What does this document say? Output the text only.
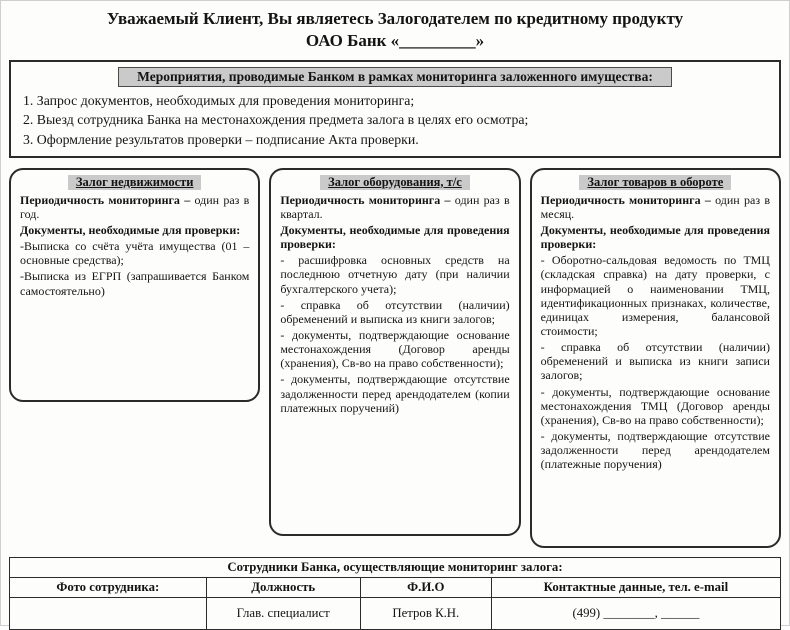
Уважаемый Клиент, Вы являетесь Залогодателем по кредитному продукту
ОАО Банк «_________»
Мероприятия, проводимые Банком в рамках мониторинга заложенного имущества:
1. Запрос документов, необходимых для проведения мониторинга;
2. Выезд сотрудника Банка на местонахождения предмета залога в целях его осмотра;
3. Оформление результатов проверки – подписание Акта проверки.
Залог недвижимости

Периодичность мониторинга – один раз в год.

Документы, необходимые для проверки:

-Выписка со счёта учёта имущества (01 – основные средства);

-Выписка из ЕГРП (запрашивается Банком самостоятельно)

Залог оборудования, т/с

Периодичность мониторинга – один раз в квартал.

Документы, необходимые для проведения проверки:

- расшифровка основных средств на последнюю отчетную дату (при наличии бухгалтерского учета);

- справка об отсутствии (наличии) обременений и выписка из книги залогов;

- документы, подтверждающие основание местонахождения (Договор аренды (хранения), Св-во на право собственности);

- документы, подтверждающие отсутствие задолженности перед арендодателем (копии платежных поручений)

Залог товаров в обороте

Периодичность мониторинга – один раз в месяц.

Документы, необходимые для проведения проверки:

- Оборотно-сальдовая ведомость по ТМЦ (складская справка) на дату проверки, с информацией о наименовании ТМЦ, идентификационных признаках, количестве, единицах измерения, балансовой стоимости;

- справка об отсутствии (наличии) обременений и выписка из книги записи залогов;

- документы, подтверждающие основание местонахождения ТМЦ (Договор аренды (хранения), Св-во на право собственности);

- документы, подтверждающие отсутствие задолженности перед арендодателем (платежные поручения)

Сотрудники Банка, осуществляющие мониторинг залога:			
Фото сотрудника:	Должность	Ф.И.О	Контактные данные, тел. e-mail
	Глав. специалист	Петров К.Н.	(499) ________, ______
